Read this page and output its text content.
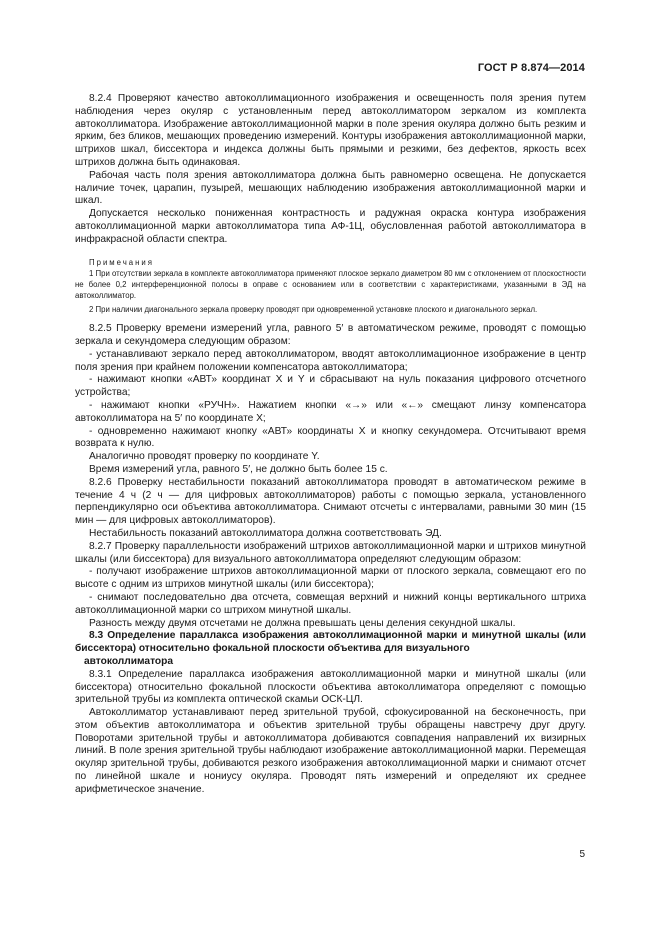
ГОСТ Р 8.874—2014

8.2.4 Проверяют качество автоколлимационного изображения и освещенность поля зрения путем наблюдения через окуляр с установленным перед автоколлиматором зеркалом из комплекта автоколлиматора. Изображение автоколлимационной марки в поле зрения окуляра должно быть резким и ярким, без бликов, мешающих проведению измерений. Контуры изображения автоколлимационной марки, штрихов шкал, биссектора и индекса должны быть прямыми и резкими, без дефектов, яркость всех штрихов должна быть одинаковая.

Рабочая часть поля зрения автоколлиматора должна быть равномерно освещена. Не допускается наличие точек, царапин, пузырей, мешающих наблюдению изображения автоколлимационной марки и шкал.

Допускается несколько пониженная контрастность и радужная окраска контура изображения автоколлимационной марки автоколлиматора типа АФ-1Ц, обусловленная работой автоколлиматора в инфракрасной области спектра.

Примечания
1 При отсутствии зеркала в комплекте автоколлиматора применяют плоское зеркало диаметром 80 мм с отклонением от плоскостности не более 0,2 интерференционной полосы в оправе с основанием или в соответствии с характеристиками, указанными в ЭД на автоколлиматор.
2 При наличии диагонального зеркала проверку проводят при одновременной установке плоского и диагонального зеркал.

8.2.5 Проверку времени измерений угла, равного 5′ в автоматическом режиме, проводят с помощью зеркала и секундомера следующим образом:

- устанавливают зеркало перед автоколлиматором, вводят автоколлимационное изображение в центр поля зрения при крайнем положении компенсатора автоколлиматора;

- нажимают кнопки «АВТ» координат X и Y и сбрасывают на нуль показания цифрового отсчетного устройства;

- нажимают кнопки «РУЧН». Нажатием кнопки «→» или «←» смещают линзу компенсатора автоколлиматора на 5′ по координате X;

- одновременно нажимают кнопку «АВТ» координаты X и кнопку секундомера. Отсчитывают время возврата к нулю.

Аналогично проводят проверку по координате Y.

Время измерений угла, равного 5′, не должно быть более 15 с.

8.2.6 Проверку нестабильности показаний автоколлиматора проводят в автоматическом режиме в течение 4 ч (2 ч — для цифровых автоколлиматоров) работы с помощью зеркала, установленного перпендикулярно оси объектива автоколлиматора. Снимают отсчеты с интервалами, равными 30 мин (15 мин — для цифровых автоколлиматоров).

Нестабильность показаний автоколлиматора должна соответствовать ЭД.

8.2.7 Проверку параллельности изображений штрихов автоколлимационной марки и штрихов минутной шкалы (или биссектора) для визуального автоколлиматора определяют следующим образом:

- получают изображение штрихов автоколлимационной марки от плоского зеркала, совмещают его по высоте с одним из штрихов минутной шкалы (или биссектора);

- снимают последовательно два отсчета, совмещая верхний и нижний концы вертикального штриха автоколлимационной марки со штрихом минутной шкалы.

Разность между двумя отсчетами не должна превышать цены деления секундной шкалы.

8.3 Определение параллакса изображения автоколлимационной марки и минутной шкалы (или биссектора) относительно фокальной плоскости объектива для визуального

автоколлиматора

8.3.1 Определение параллакса изображения автоколлимационной марки и минутной шкалы (или биссектора) относительно фокальной плоскости объектива автоколлиматора определяют с помощью зрительной трубы из комплекта оптической скамьи ОСК-ЦЛ.

Автоколлиматор устанавливают перед зрительной трубой, сфокусированной на бесконечность, при этом объектив автоколлиматора и объектив зрительной трубы обращены навстречу друг другу. Поворотами зрительной трубы и автоколлиматора добиваются совпадения направлений их визирных линий. В поле зрения зрительной трубы наблюдают изображение автоколлимационной марки. Перемещая окуляр зрительной трубы, добиваются резкого изображения автоколлимационной марки и снимают отсчет по линейной шкале и нониусу окуляра. Проводят пять измерений и определяют их среднее арифметическое значение.

5
